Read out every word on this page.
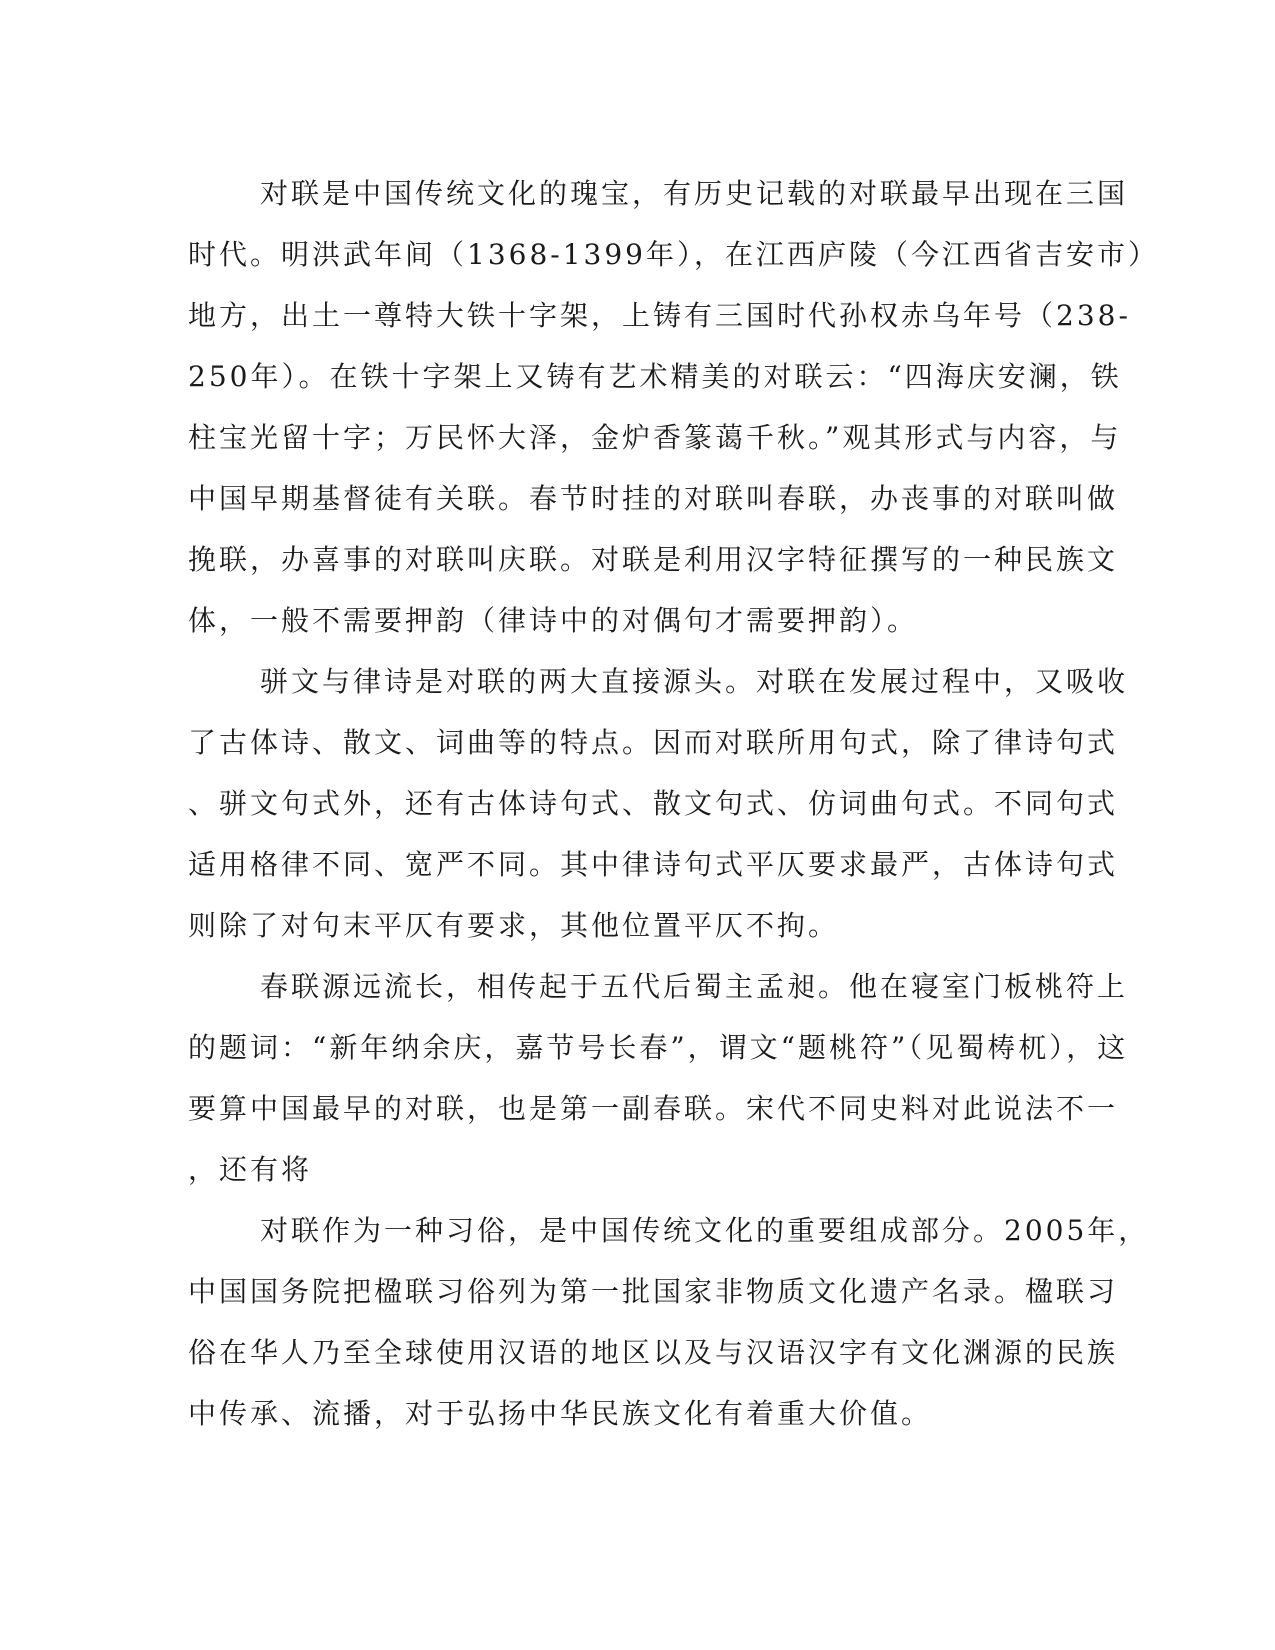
对联是中国传统文化的瑰宝，有历史记载的对联最早出现在三国
时代。明洪武年间（1368-1399年），在江西庐陵（今江西省吉安市）
地方，出土一尊特大铁十字架，上铸有三国时代孙权赤乌年号（238-
250年）。在铁十字架上又铸有艺术精美的对联云：“四海庆安澜，铁
柱宝光留十字；万民怀大泽，金炉香篆蔼千秋。”观其形式与内容，与
中国早期基督徒有关联。春节时挂的对联叫春联，办丧事的对联叫做
挽联，办喜事的对联叫庆联。对联是利用汉字特征撰写的一种民族文
体，一般不需要押韵（律诗中的对偶句才需要押韵）。
骈文与律诗是对联的两大直接源头。对联在发展过程中，又吸收
了古体诗、散文、词曲等的特点。因而对联所用句式，除了律诗句式
、骈文句式外，还有古体诗句式、散文句式、仿词曲句式。不同句式
适用格律不同、宽严不同。其中律诗句式平仄要求最严，古体诗句式
则除了对句末平仄有要求，其他位置平仄不拘。
春联源远流长，相传起于五代后蜀主孟昶。他在寝室门板桃符上
的题词：“新年纳余庆，嘉节号长春”，谓文“题桃符”（见蜀梼杌），这
要算中国最早的对联，也是第一副春联。宋代不同史料对此说法不一
，还有将
对联作为一种习俗，是中国传统文化的重要组成部分。2005年，
中国国务院把楹联习俗列为第一批国家非物质文化遗产名录。楹联习
俗在华人乃至全球使用汉语的地区以及与汉语汉字有文化渊源的民族
中传承、流播，对于弘扬中华民族文化有着重大价值。
